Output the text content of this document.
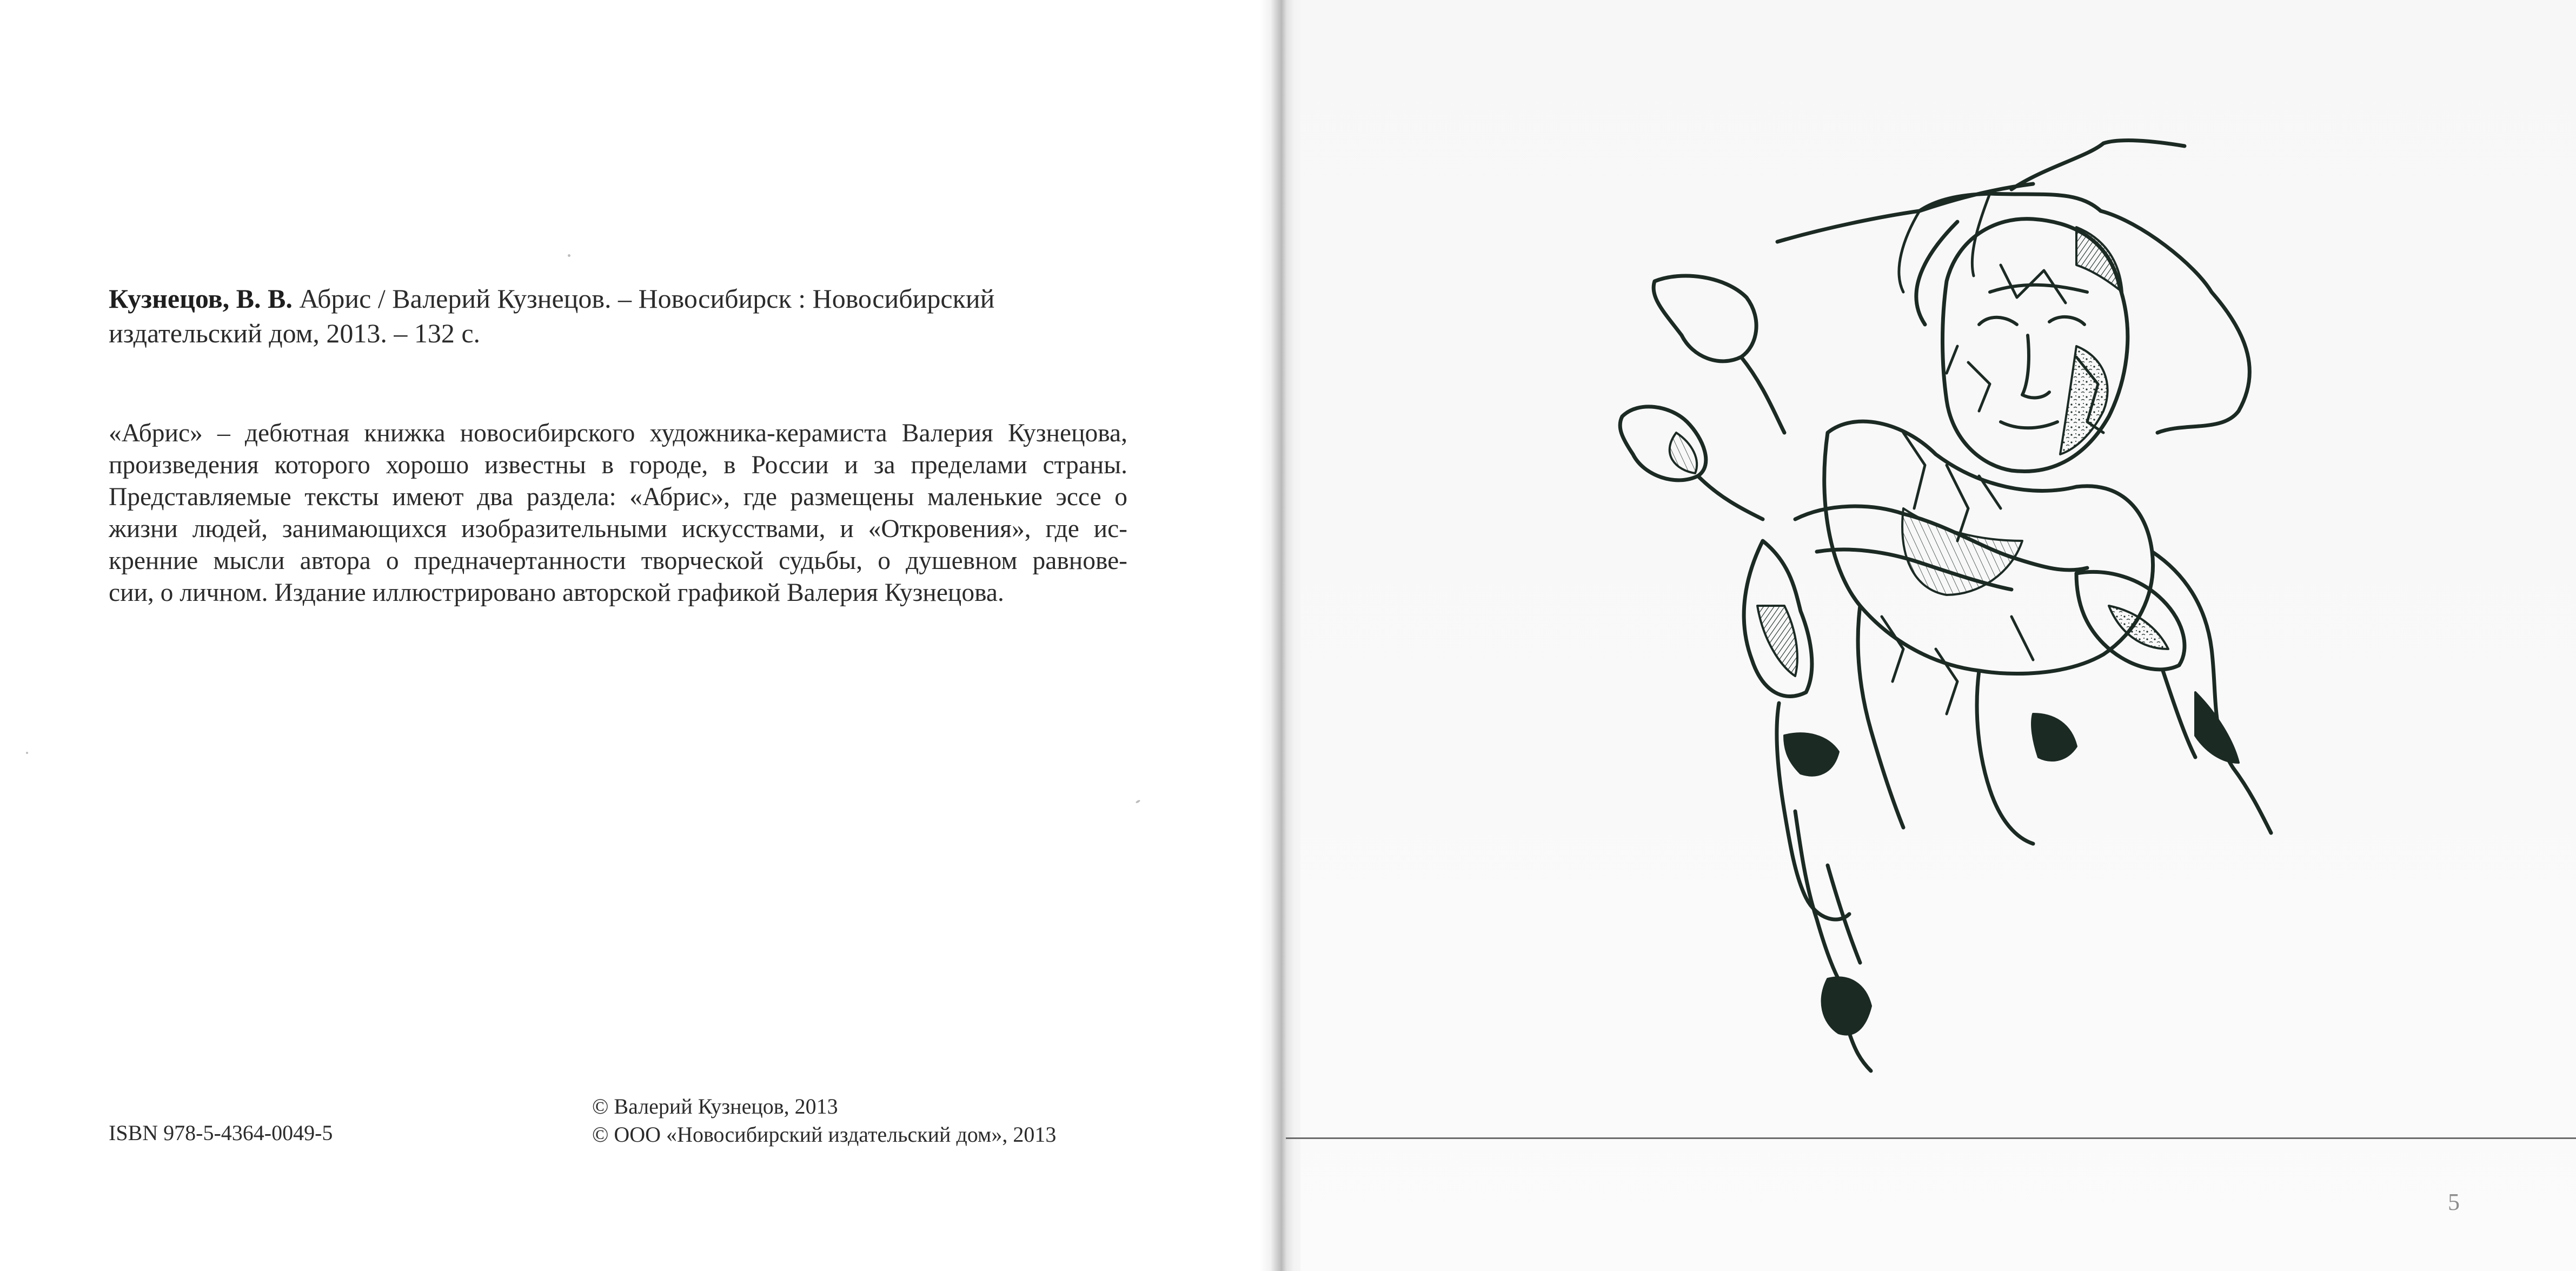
Кузнецов, В. В. Абрис / Валерий Кузнецов. – Новосибирск : Новосибирский
издательский дом, 2013. – 132 с.
«Абрис» – дебютная книжка новосибирского художника-керамиста Валерия Кузнецова,
произведения которого хорошо известны в городе, в России и за пределами страны.
Представляемые тексты имеют два раздела: «Абрис», где размещены маленькие эссе о
жизни людей, занимающихся изобразительными искусствами, и «Откровения», где ис-
кренние мысли автора о предначертанности творческой судьбы, о душевном равнове-
сии, о личном. Издание иллюстрировано авторской графикой Валерия Кузнецова.
ISBN 978-5-4364-0049-5
© Валерий Кузнецов, 2013
© ООО «Новосибирский издательский дом», 2013
5
